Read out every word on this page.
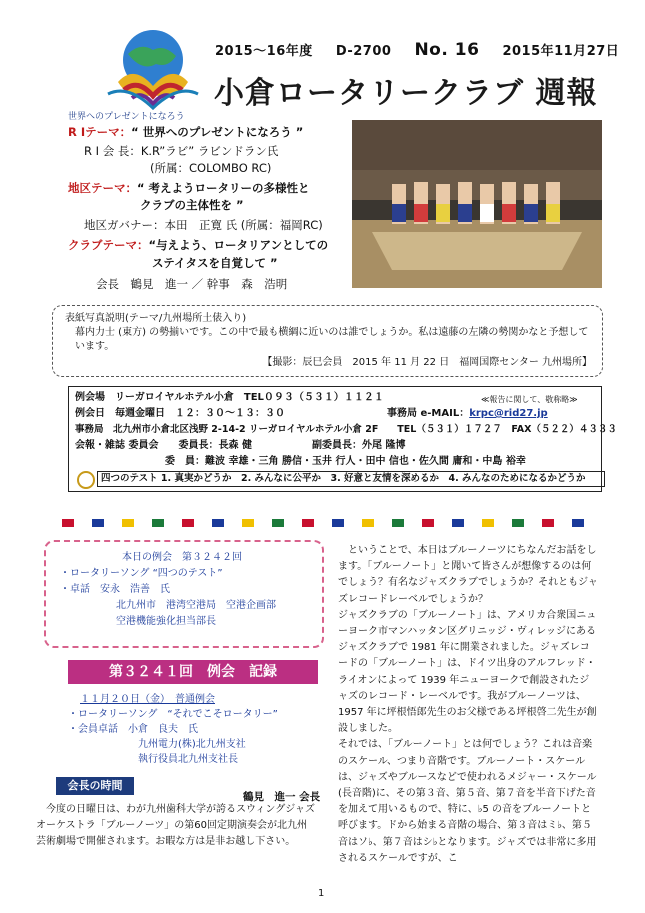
世界へのプレゼントになろう
2015～16年度 D-2700 No. 16 2015年11月27日
小倉ロータリークラブ 週報
R Iテーマ：“ 世界へのプレゼントになろう ”
R I 会 長：K.R”ラビ” ラビンドラン氏
(所属：COLOMBO RC)
地区テーマ：“ 考えようロータリーの多様性と
クラブの主体性を ”
地区ガバナー：本田　正寛 氏 (所属：福岡RC)
クラブテーマ：“与えよう、ロータリアンとしての
ステイタスを自覚して ”
会長　鶴見　進一 ／ 幹事　森　浩明
表紙写真説明(テーマ/九州場所土俵入り)
幕内力士 (東方) の勢揃いです。この中で最も横綱に近いのは誰でしょうか。私は遠藤の左隣の勢関かなと予想しています。
【撮影：辰巳会員　2015 年 11 月 22 日　福岡国際センター 九州場所】
例会場　リーガロイヤルホテル小倉　TEL０９３（５３１）１１２１	≪報告に関して、敬称略≫
例会日　毎週金曜日　１２：３０～１３：３０	事務局 e-MAIL：krpc@rid27.jp
事務局　北九州市小倉北区浅野 2-14-2 リーガロイヤルホテル小倉 2F　　TEL（５３１）１７２７　FAX（５２２）４３３３
会報・雑誌 委員会　　委員長：長森 健　　　　　　副委員長：外尾 隆博
委　員：難波 幸雄・三角 勝信・玉井 行人・田中 信也・佐久間 庸和・中島 裕幸
四つのテスト 1. 真実かどうか　2. みんなに公平か　3. 好意と友情を深めるか　4. みんなのためになるかどうか
本日の例会　第３２４２回
・ロータリーソング “四つのテスト”
・卓話　安永　浩善　氏
北九州市　港湾空港局　空港企画部
空港機能強化担当部長
第３２４１回　例会　記録
１１月２０日（金）　普通例会
・ロータリーソング　“それでこそロータリー”
・会員卓話　小倉　良夫　氏
九州電力(株)北九州支社
執行役員北九州支社長
会長の時間
鶴見　進一 会長
今度の日曜日は、わが九州歯科大学が誇るスウィングジャズオーケストラ「ブルーノーツ」の第60回定期演奏会が北九州芸術劇場で開催されます。お暇な方は是非お越し下さい。
ということで、本日はブルーノーツにちなんだお話をします。「ブルーノート」と聞いて皆さんが想像するのは何でしょう？有名なジャズクラブでしょうか？それともジャズレコードレーベルでしょうか？
ジャズクラブの「ブルーノート」は、アメリカ合衆国ニューヨーク市マンハッタン区グリニッジ・ヴィレッジにあるジャズクラブで 1981 年に開業されました。ジャズレコードの「ブルーノート」は、ドイツ出身のアルフレッド・ライオンによって 1939 年ニューヨークで創設されたジャズのレコード・レーベルです。我がブルーノーツは、1957 年に坪根悟郎先生のお父様である坪根啓二先生が創設しました。
それでは、「ブルーノート」とは何でしょう？これは音楽のスケール、つまり音階です。ブルーノート・スケールは、ジャズやブルースなどで使われるメジャー・スケール(長音階)に、その第３音、第５音、第７音を半音下げた音を加えて用いるもので、特に、♭5 の音をブルーノートと呼びます。ドから始まる音階の場合、第３音はミ♭、第５音はソ♭、第７音はシ♭となります。ジャズでは非常に多用されるスケールですが、こ
1
